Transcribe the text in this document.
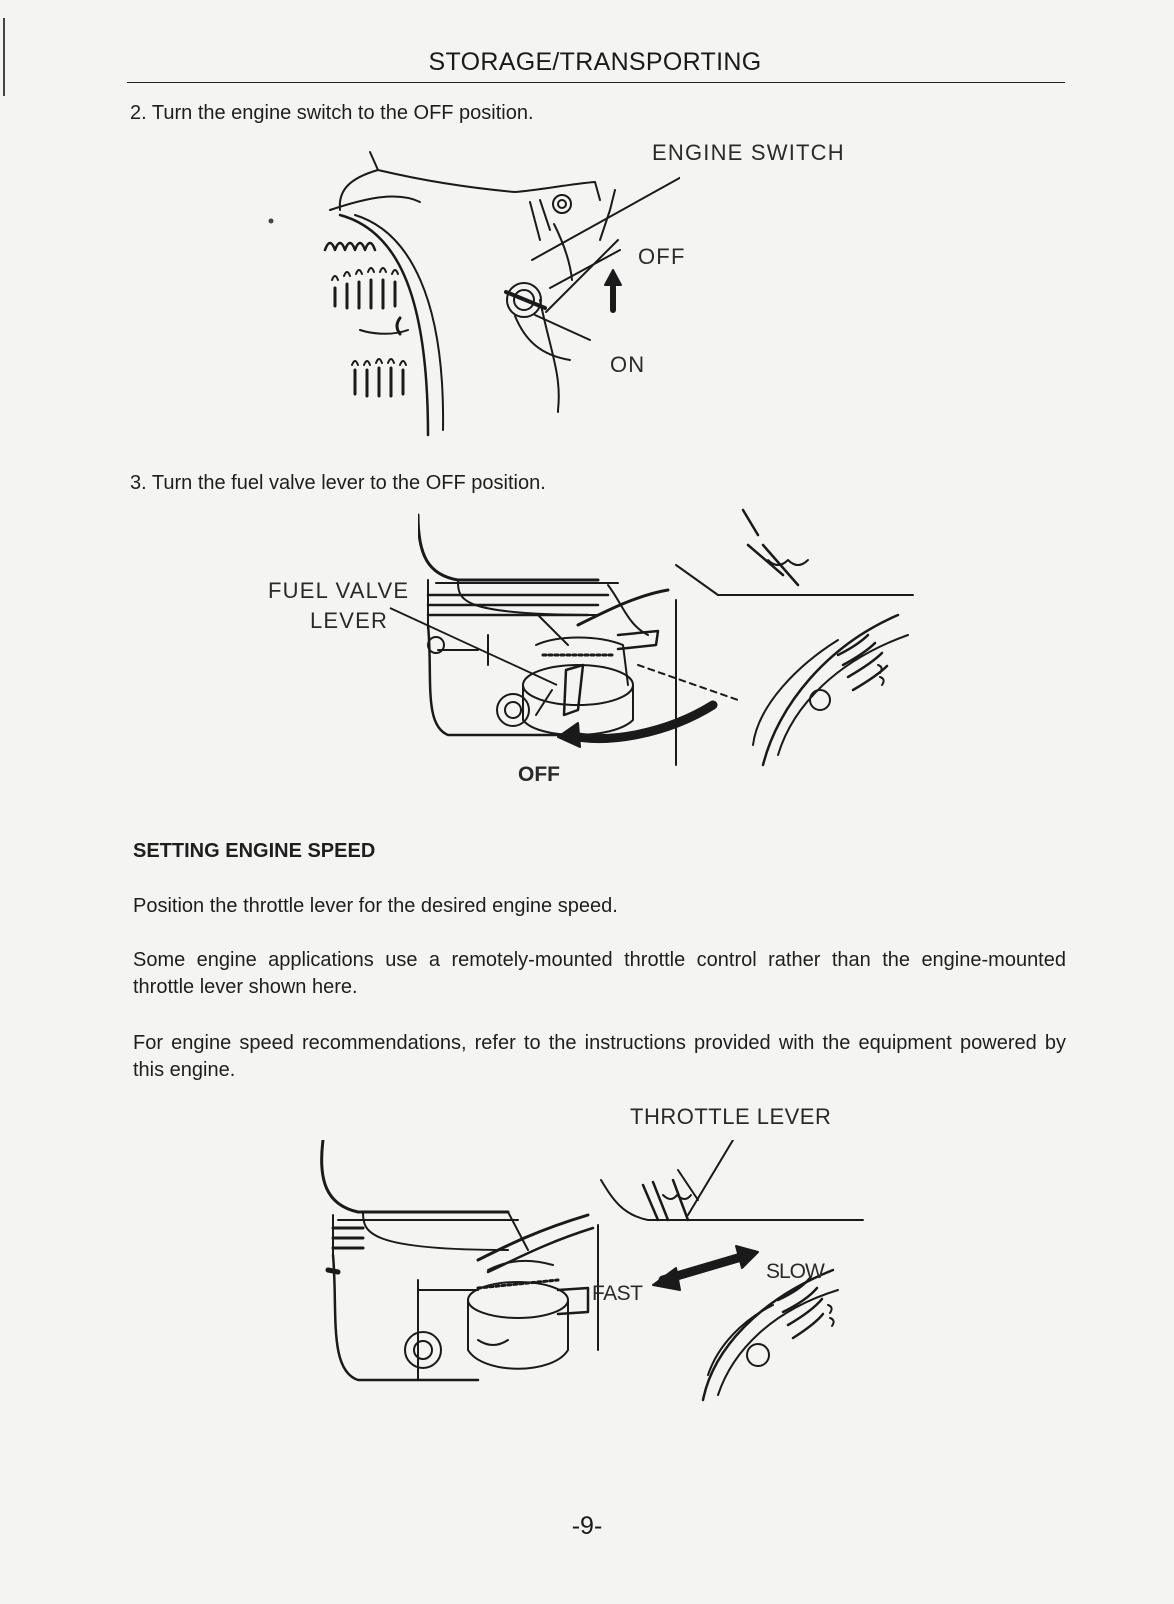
STORAGE/TRANSPORTING
2. Turn the engine switch to the OFF position.
ENGINE SWITCH
OFF
ON
3. Turn the fuel valve lever to the OFF position.
FUEL VALVE
LEVER
OFF
SETTING ENGINE SPEED
Position the throttle lever for the desired engine speed.
Some engine applications use a remotely-mounted throttle control rather than the engine-mounted throttle lever shown here.
For engine speed recommendations, refer to the instructions provided with the equipment powered by this engine.
THROTTLE LEVER
FAST
SLOW
-9-
